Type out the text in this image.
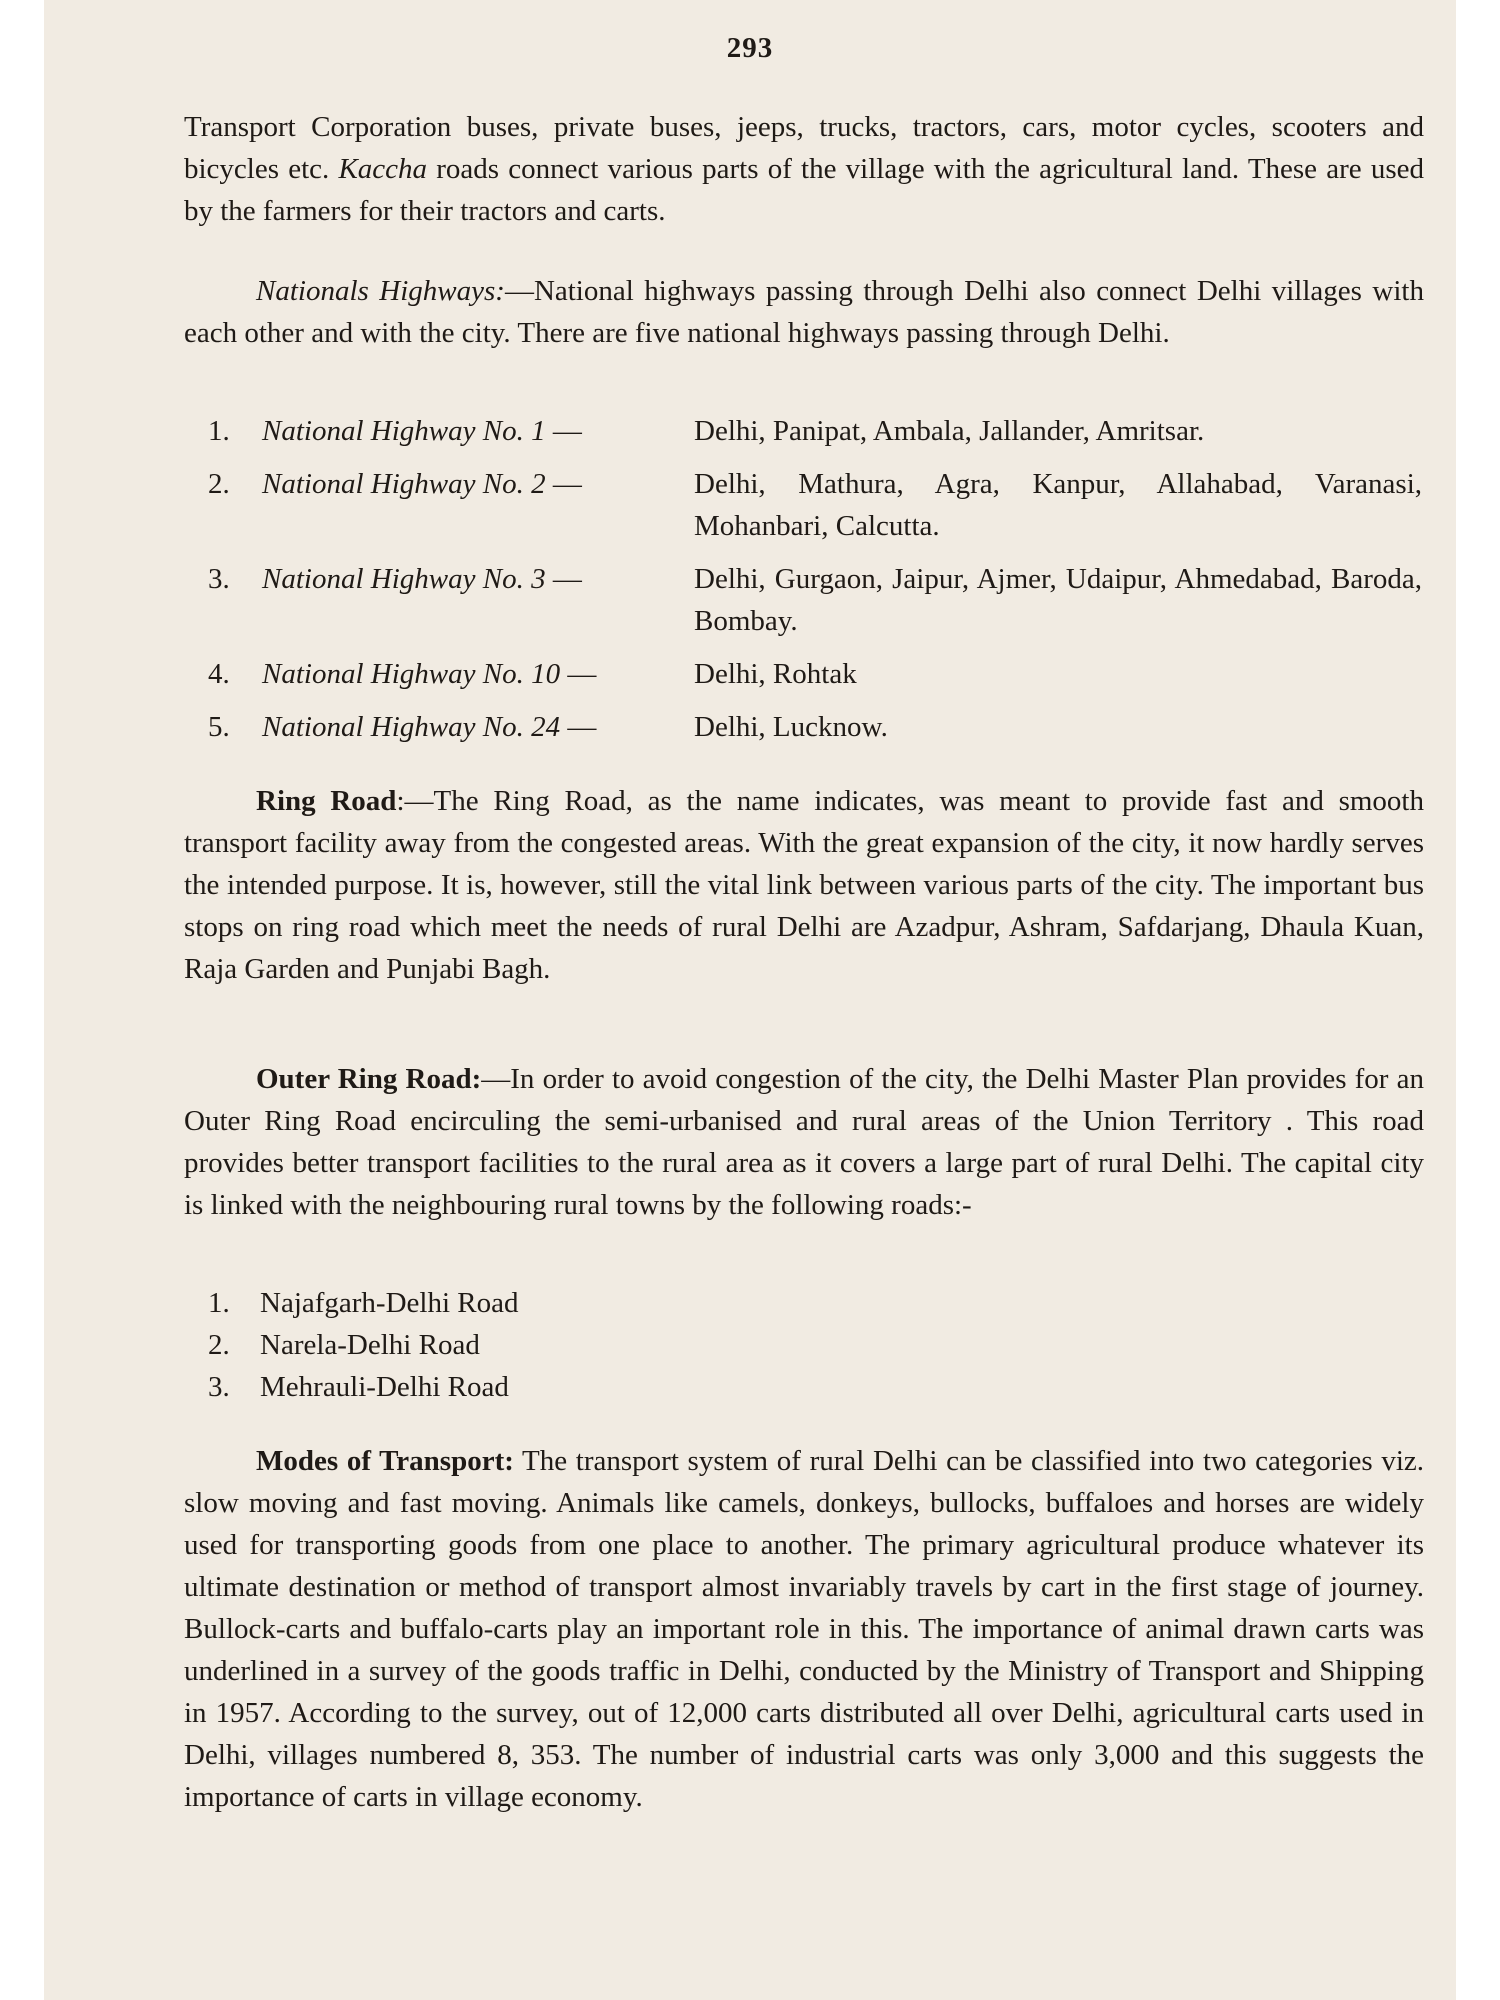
293

Transport Corporation buses, private buses, jeeps, trucks, tractors, cars, motor cycles, scooters and bicycles etc. Kaccha roads connect various parts of the village with the agricultural land. These are used by the farmers for their tractors and carts.

Nationals Highways:—National highways passing through Delhi also connect Delhi villages with each other and with the city. There are five national highways passing through Delhi.

1.	National Highway No. 1 —	Delhi, Panipat, Ambala, Jallander, Amritsar.
2.	National Highway No. 2 —	Delhi, Mathura, Agra, Kanpur, Allahabad, Varanasi, Mohanbari, Calcutta.
3.	National Highway No. 3 —	Delhi, Gurgaon, Jaipur, Ajmer, Udaipur, Ahmedabad, Baroda, Bombay.
4.	National Highway No. 10 —	Delhi, Rohtak
5.	National Highway No. 24 —	Delhi, Lucknow.

Ring Road:—The Ring Road, as the name indicates, was meant to provide fast and smooth transport facility away from the congested areas. With the great expansion of the city, it now hardly serves the intended purpose. It is, however, still the vital link between various parts of the city. The important bus stops on ring road which meet the needs of rural Delhi are Azadpur, Ashram, Safdarjang, Dhaula Kuan, Raja Garden and Punjabi Bagh.

Outer Ring Road:—In order to avoid congestion of the city, the Delhi Master Plan provides for an Outer Ring Road encirculing the semi-urbanised and rural areas of the Union Territory . This road provides better transport facilities to the rural area as it covers a large part of rural Delhi. The capital city is linked with the neighbouring rural towns by the following roads:-

1.	Najafgarh-Delhi Road
2.	Narela-Delhi Road
3.	Mehrauli-Delhi Road

Modes of Transport: The transport system of rural Delhi can be classified into two categories viz. slow moving and fast moving. Animals like camels, donkeys, bullocks, buffaloes and horses are widely used for transporting goods from one place to another. The primary agricultural produce whatever its ultimate destination or method of transport almost invariably travels by cart in the first stage of journey. Bullock-carts and buffalo-carts play an important role in this. The importance of animal drawn carts was underlined in a survey of the goods traffic in Delhi, conducted by the Ministry of Transport and Shipping in 1957. According to the survey, out of 12,000 carts distributed all over Delhi, agricultural carts used in Delhi, villages numbered 8, 353. The number of industrial carts was only 3,000 and this suggests the importance of carts in village economy.
